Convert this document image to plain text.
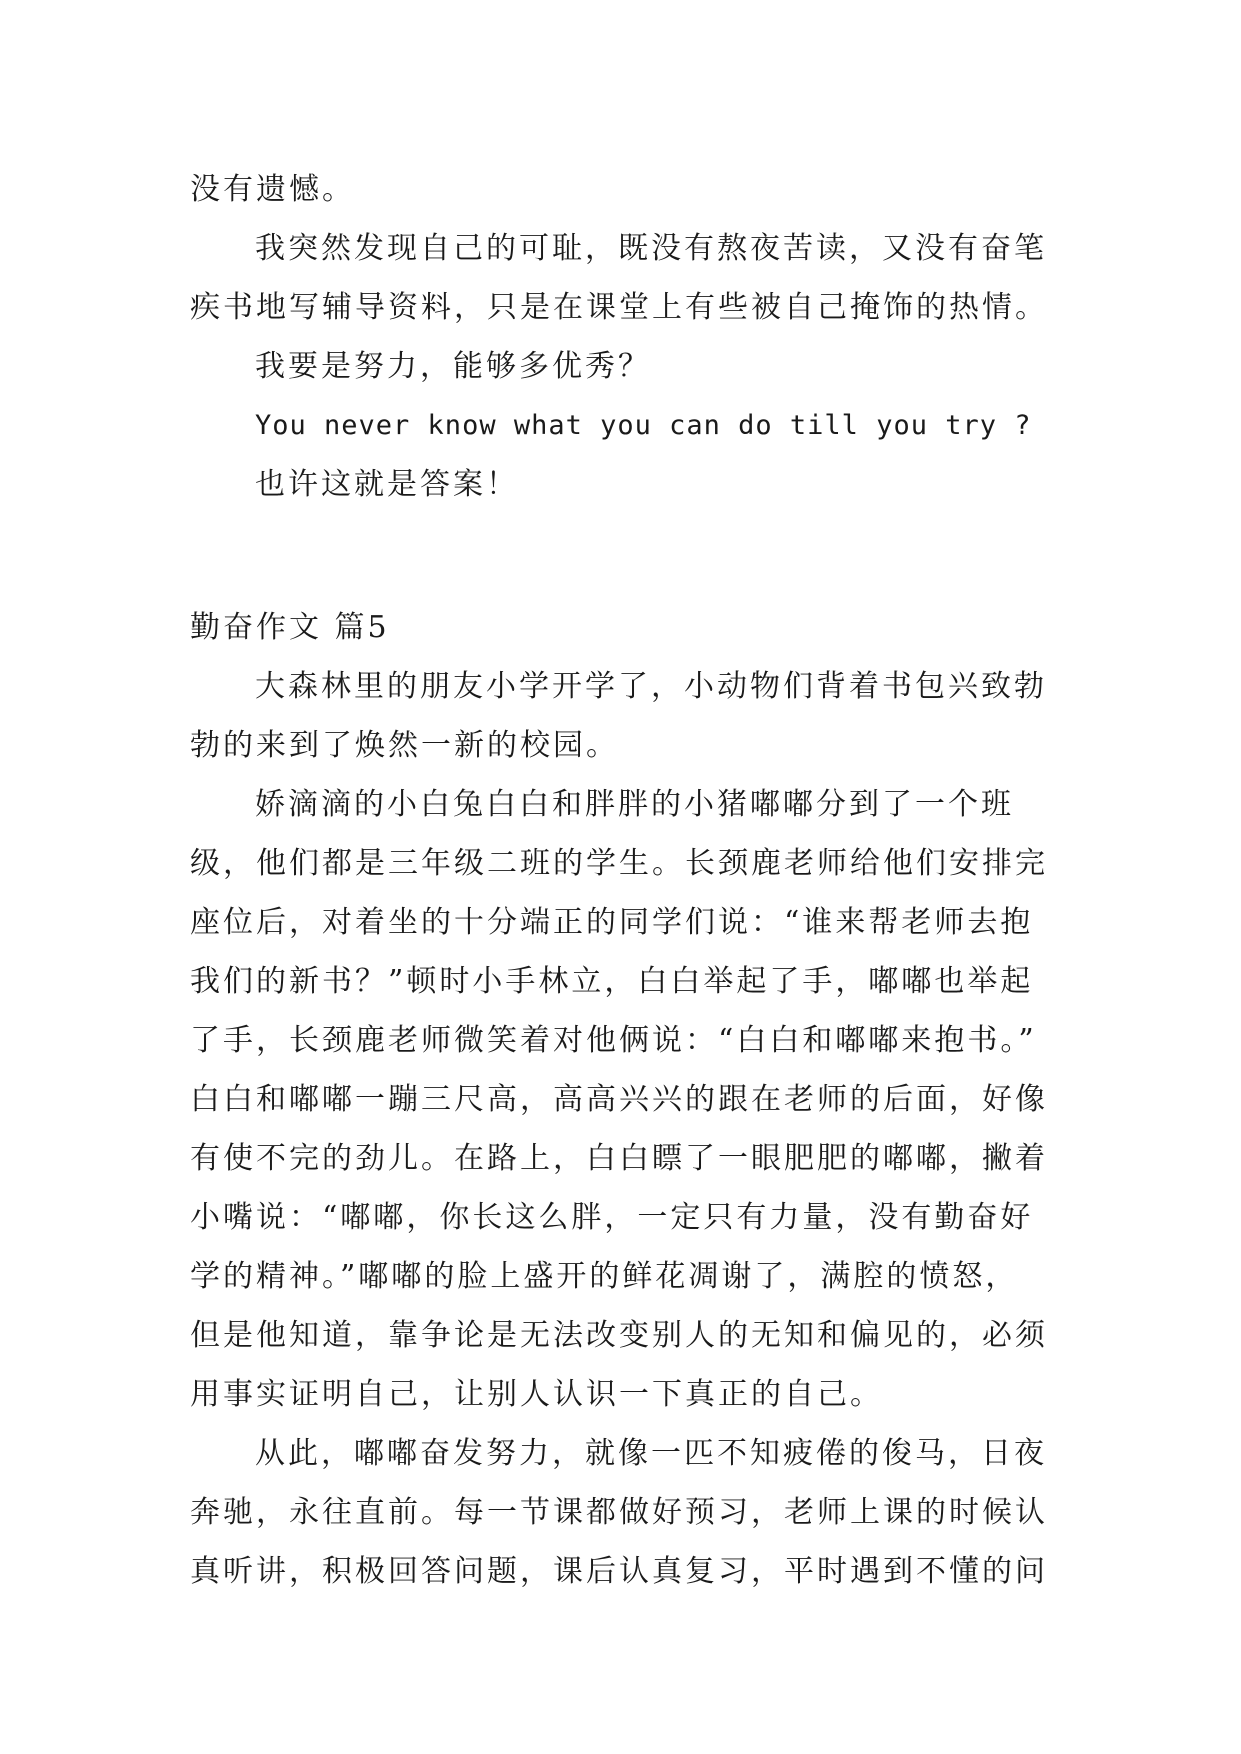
没有遗憾。
我突然发现自己的可耻，既没有熬夜苦读，又没有奋笔
疾书地写辅导资料，只是在课堂上有些被自己掩饰的热情。
我要是努力，能够多优秀？
You never know what you can do till you try ?
也许这就是答案！
勤奋作文 篇5
大森林里的朋友小学开学了，小动物们背着书包兴致勃
勃的来到了焕然一新的校园。
娇滴滴的小白兔白白和胖胖的小猪嘟嘟分到了一个班
级，他们都是三年级二班的学生。长颈鹿老师给他们安排完
座位后，对着坐的十分端正的同学们说：“谁来帮老师去抱
我们的新书？”顿时小手林立，白白举起了手，嘟嘟也举起
了手，长颈鹿老师微笑着对他俩说：“白白和嘟嘟来抱书。”
白白和嘟嘟一蹦三尺高，高高兴兴的跟在老师的后面，好像
有使不完的劲儿。在路上，白白瞟了一眼肥肥的嘟嘟，撇着
小嘴说：“嘟嘟，你长这么胖，一定只有力量，没有勤奋好
学的精神。”嘟嘟的脸上盛开的鲜花凋谢了，满腔的愤怒，
但是他知道，靠争论是无法改变别人的无知和偏见的，必须
用事实证明自己，让别人认识一下真正的自己。
从此，嘟嘟奋发努力，就像一匹不知疲倦的俊马，日夜
奔驰，永往直前。每一节课都做好预习，老师上课的时候认
真听讲，积极回答问题，课后认真复习，平时遇到不懂的问
